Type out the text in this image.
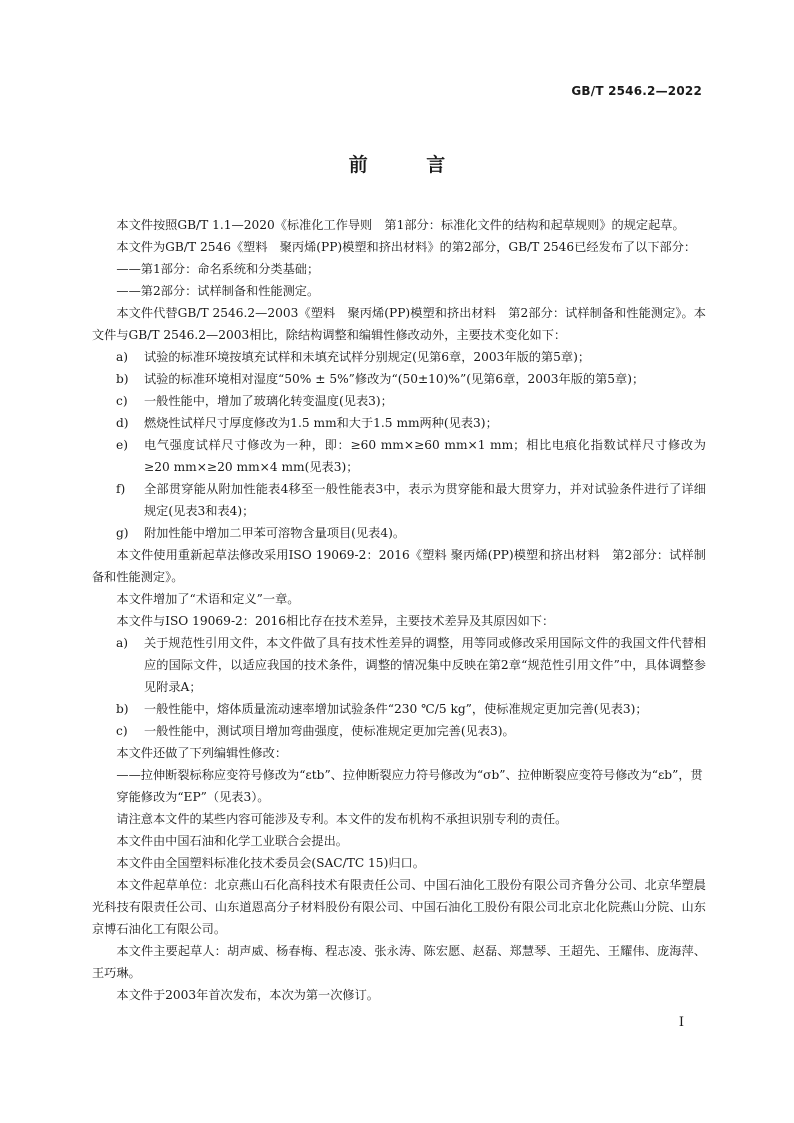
GB/T 2546.2—2022
前 言

本文件按照GB/T 1.1—2020《标准化工作导则　第1部分：标准化文件的结构和起草规则》的规定起草。

本文件为GB/T 2546《塑料　聚丙烯(PP)模塑和挤出材料》的第2部分，GB/T 2546已经发布了以下部分：

——第1部分：命名系统和分类基础；

——第2部分：试样制备和性能测定。

本文件代替GB/T 2546.2—2003《塑料　聚丙烯(PP)模塑和挤出材料　第2部分：试样制备和性能测定》。本文件与GB/T 2546.2—2003相比，除结构调整和编辑性修改动外，主要技术变化如下：

a)	试验的标准环境按填充试样和未填充试样分别规定(见第6章，2003年版的第5章)；
b)	试验的标准环境相对湿度“50% ± 5%”修改为“(50±10)%”(见第6章，2003年版的第5章)；
c)	一般性能中，增加了玻璃化转变温度(见表3)；
d)	燃烧性试样尺寸厚度修改为1.5 mm和大于1.5 mm两种(见表3)；
e)	电气强度试样尺寸修改为一种，即：≥60 mm×≥60 mm×1 mm；相比电痕化指数试样尺寸修改为≥20 mm×≥20 mm×4 mm(见表3)；
f)	全部贯穿能从附加性能表4移至一般性能表3中，表示为贯穿能和最大贯穿力，并对试验条件进行了详细规定(见表3和表4)；
g)	附加性能中增加二甲苯可溶物含量项目(见表4)。

本文件使用重新起草法修改采用ISO 19069-2：2016《塑料 聚丙烯(PP)模塑和挤出材料　第2部分：试样制备和性能测定》。

本文件增加了“术语和定义”一章。

本文件与ISO 19069-2：2016相比存在技术差异，主要技术差异及其原因如下：

a)	关于规范性引用文件，本文件做了具有技术性差异的调整，用等同或修改采用国际文件的我国文件代替相应的国际文件，以适应我国的技术条件，调整的情况集中反映在第2章“规范性引用文件”中，具体调整参见附录A；
b)	一般性能中，熔体质量流动速率增加试验条件“230 ℃/5 kg”，使标准规定更加完善(见表3)；
c)	一般性能中，测试项目增加弯曲强度，使标准规定更加完善(见表3)。

本文件还做了下列编辑性修改：

——拉伸断裂标称应变符号修改为“εtb”、拉伸断裂应力符号修改为“σb”、拉伸断裂应变符号修改为“εb”，贯穿能修改为“EP”（见表3）。

请注意本文件的某些内容可能涉及专利。本文件的发布机构不承担识别专利的责任。

本文件由中国石油和化学工业联合会提出。

本文件由全国塑料标准化技术委员会(SAC/TC 15)归口。

本文件起草单位：北京燕山石化高科技术有限责任公司、中国石油化工股份有限公司齐鲁分公司、北京华塑晨光科技有限责任公司、山东道恩高分子材料股份有限公司、中国石油化工股份有限公司北京北化院燕山分院、山东京博石油化工有限公司。

本文件主要起草人：胡声威、杨春梅、程志凌、张永涛、陈宏愿、赵磊、郑慧琴、王超先、王耀伟、庞海萍、王巧琳。

本文件于2003年首次发布，本次为第一次修订。

I
